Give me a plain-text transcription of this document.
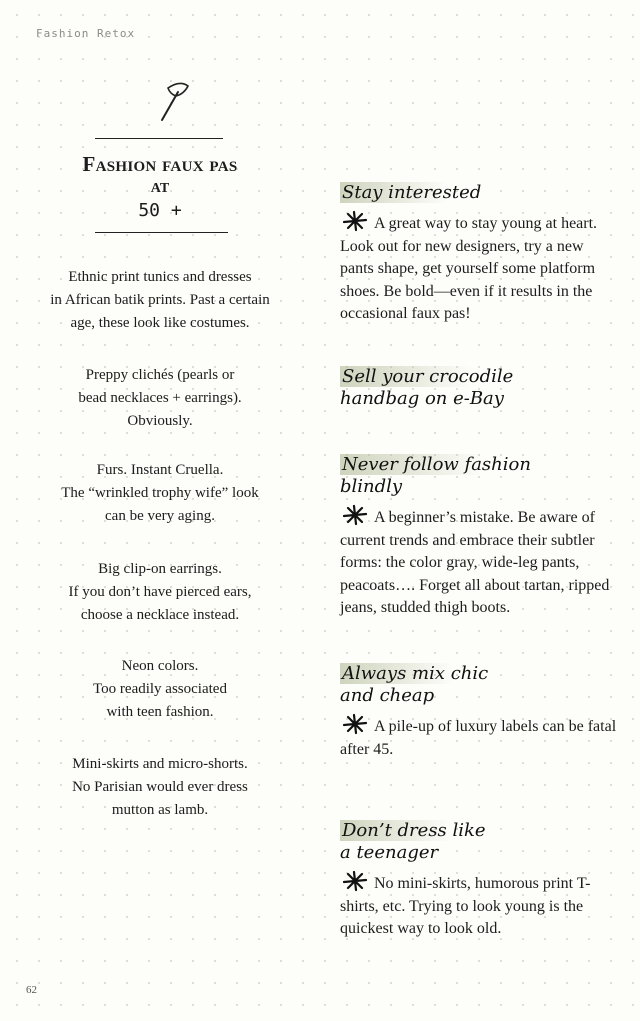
Fashion Retox
Fashion faux pas
at
50 +
Ethnic print tunics and dresses
in African batik prints. Past a certain
age, these look like costumes.
Preppy clichés (pearls or
bead necklaces + earrings).
Obviously.
Furs. Instant Cruella.
The “wrinkled trophy wife” look
can be very aging.
Big clip-on earrings.
If you don’t have pierced ears,
choose a necklace instead.
Neon colors.
Too readily associated
with teen fashion.
Mini-skirts and micro-shorts.
No Parisian would ever dress
mutton as lamb.
Stay interested
A great way to stay young at heart. Look out for new designers, try a new pants shape, get yourself some platform shoes. Be bold—even if it results in the occasional faux pas!
Sell your crocodile
handbag on e-Bay
Never follow fashion
blindly
A beginner’s mistake. Be aware of current trends and embrace their subtler forms: the color gray, wide-leg pants, peacoats…. Forget all about tartan, ripped jeans, studded thigh boots.
Always mix chic
and cheap
A pile-up of luxury labels can be fatal after 45.
Don’t dress like
a teenager
No mini-skirts, humorous print T-shirts, etc. Trying to look young is the quickest way to look old.
62
